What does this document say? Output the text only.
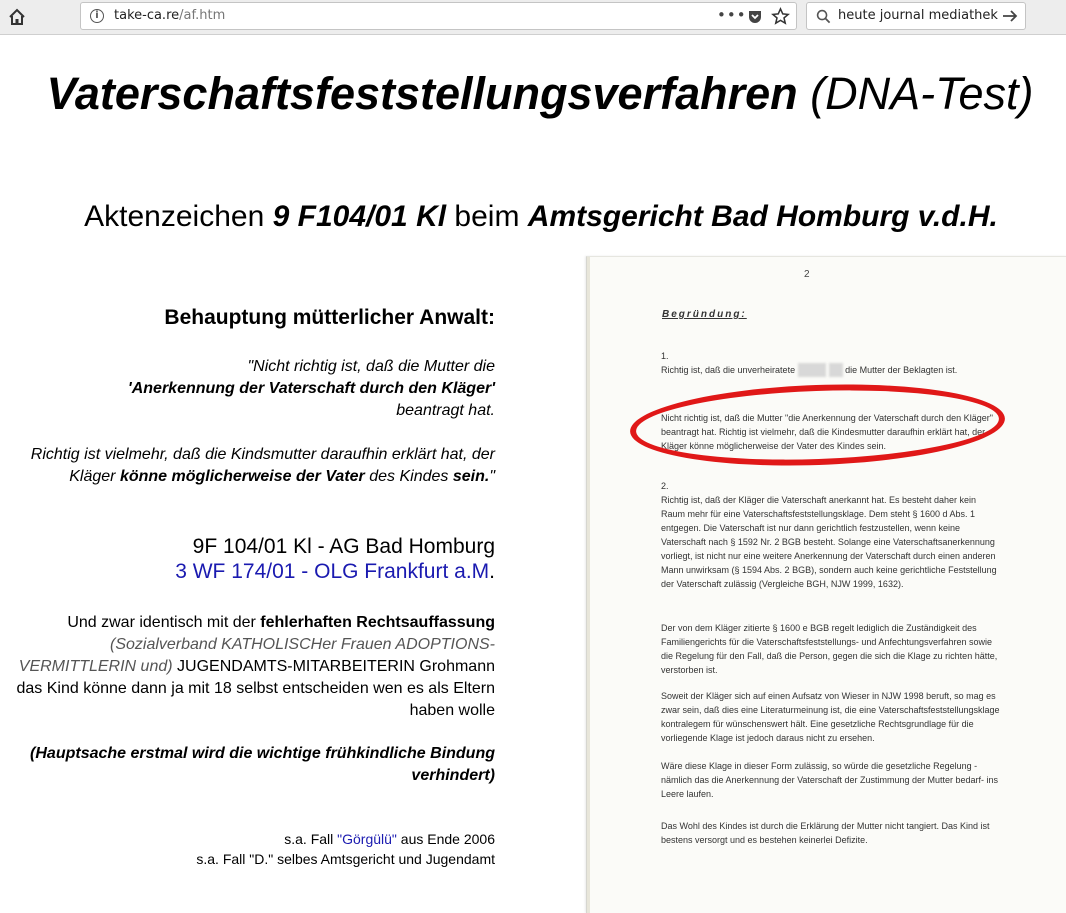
i	take-ca.re/af.htm	•••	heute journal mediathek
Vaterschaftsfeststellungsverfahren (DNA-Test)
Aktenzeichen 9 F104/01 Kl beim Amtsgericht Bad Homburg v.d.H.
Behauptung mütterlicher Anwalt:

"Nicht richtig ist, daß die Mutter die
'Anerkennung der Vaterschaft durch den Kläger'
beantragt hat.

Richtig ist vielmehr, daß die Kindsmutter daraufhin erklärt hat, der Kläger könne möglicherweise der Vater des Kindes sein."

9F 104/01 Kl - AG Bad Homburg
3 WF 174/01 - OLG Frankfurt a.M.
Und zwar identisch mit der fehlerhaften Rechtsauffassung (Sozialverband KATHOLISCHer Frauen ADOPTIONS-VERMITTLERIN und) JUGENDAMTS-MITARBEITERIN Grohmann das Kind könne dann ja mit 18 selbst entscheiden wen es als Eltern haben wolle
(Hauptsache erstmal wird die wichtige frühkindliche Bindung verhindert)
s.a. Fall "Görgülü" aus Ende 2006
s.a. Fall "D." selbes Amtsgericht und Jugendamt
2
Begründung:
1.
Richtig ist, daß die unverheiratete	die Mutter der Beklagten ist.
Nicht richtig ist, daß die Mutter "die Anerkennung der Vaterschaft durch den Kläger" beantragt hat. Richtig ist vielmehr, daß die Kindesmutter daraufhin erklärt hat, der Kläger könne möglicherweise der Vater des Kindes sein.
2.
Richtig ist, daß der Kläger die Vaterschaft anerkannt hat. Es besteht daher kein Raum mehr für eine Vaterschaftsfeststellungsklage. Dem steht § 1600 d Abs. 1 entgegen. Die Vaterschaft ist nur dann gerichtlich festzustellen, wenn keine Vaterschaft nach § 1592 Nr. 2 BGB besteht. Solange eine Vaterschaftsanerkennung vorliegt, ist nicht nur eine weitere Anerkennung der Vaterschaft durch einen anderen Mann unwirksam (§ 1594 Abs. 2 BGB), sondern auch keine gerichtliche Feststellung der Vaterschaft zulässig (Vergleiche BGH, NJW 1999, 1632).
Der von dem Kläger zitierte § 1600 e BGB regelt lediglich die Zuständigkeit des Familiengerichts für die Vaterschaftsfeststellungs- und Anfechtungsverfahren sowie die Regelung für den Fall, daß die Person, gegen die sich die Klage zu richten hätte, verstorben ist.
Soweit der Kläger sich auf einen Aufsatz von Wieser in NJW 1998 beruft, so mag es zwar sein, daß dies eine Literaturmeinung ist, die eine Vaterschaftsfeststellungsklage kontralegem für wünschenswert hält. Eine gesetzliche Rechtsgrundlage für die vorliegende Klage ist jedoch daraus nicht zu ersehen.
Wäre diese Klage in dieser Form zulässig, so würde die gesetzliche Regelung -nämlich das die Anerkennung der Vaterschaft der Zustimmung der Mutter bedarf- ins Leere laufen.
Das Wohl des Kindes ist durch die Erklärung der Mutter nicht tangiert. Das Kind ist bestens versorgt und es bestehen keinerlei Defizite.
